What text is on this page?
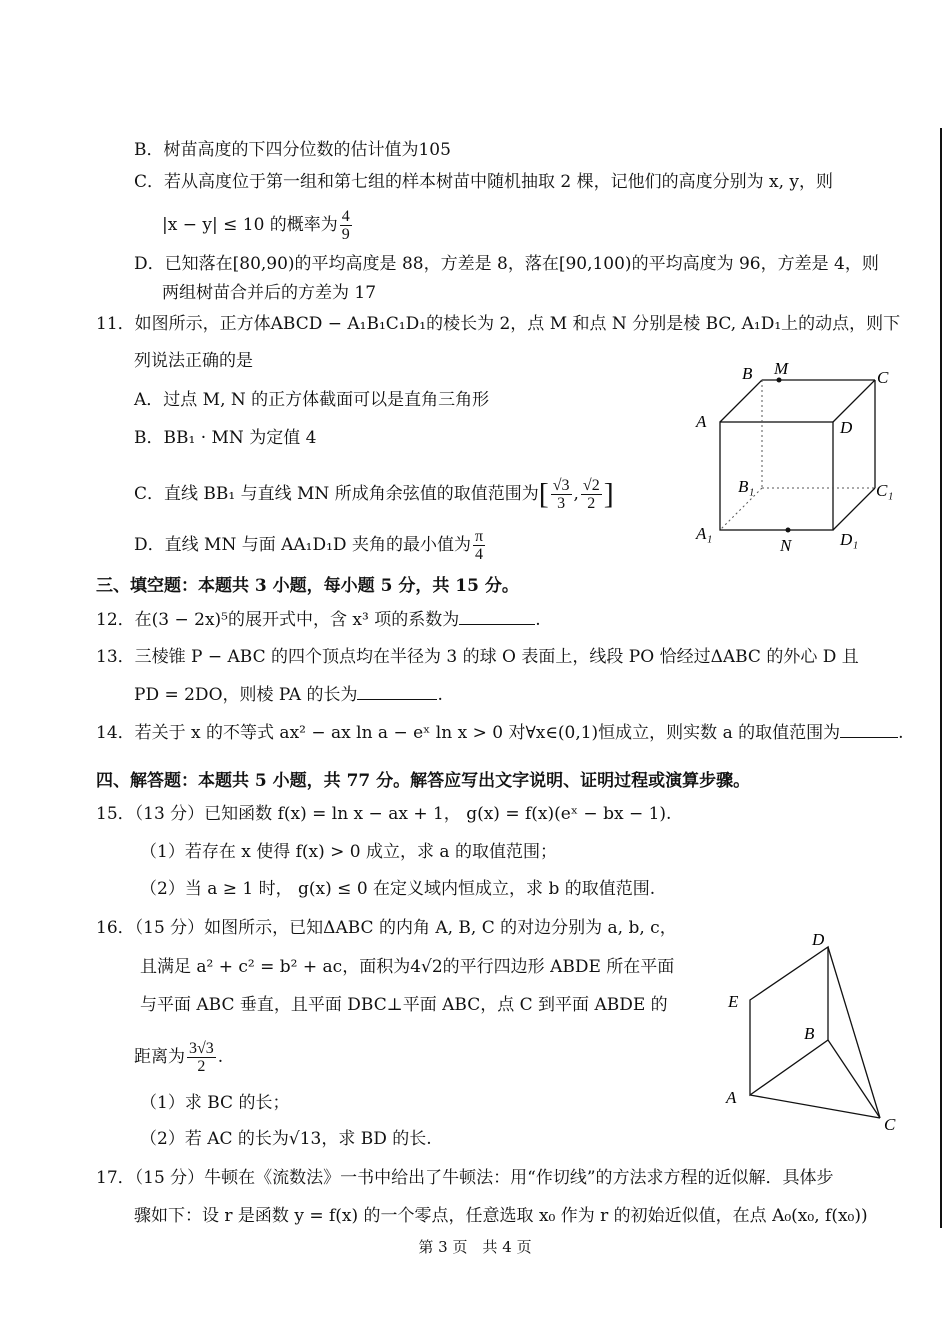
B．树苗高度的下四分位数的估计值为105
C．若从高度位于第一组和第七组的样本树苗中随机抽取 2 棵，记他们的高度分别为 x, y，则
|x − y| ≤ 10 的概率为 $\frac{4}{9}$
D．已知落在[80,90)的平均高度是 88，方差是 8，落在[90,100)的平均高度为 96，方差是 4，则
两组树苗合并后的方差为 17
11．如图所示，正方体ABCD − A₁B₁C₁D₁的棱长为 2，点 M 和点 N 分别是棱 BC, A₁D₁上的动点，则下
列说法正确的是
A．过点 M, N 的正方体截面可以是直角三角形
B．BB₁ · MN 为定值 4
C．直线 BB₁ 与直线 MN 所成角余弦值的取值范围为[ $\frac{√3}{3}$ , $\frac{√2}{2}$ ]
D．直线 MN 与面 AA₁D₁D 夹角的最小值为 $\frac{\pi}{4}$
B M	C
A	D
B₁	C₁
A₁
N	D₁
三、填空题：本题共 3 小题，每小题 5 分，共 15 分。
12．在(3 − 2x)⁵的展开式中，含 x³ 项的系数为	.
13．三棱锥 P − ABC 的四个顶点均在半径为 3 的球 O 表面上，线段 PO 恰经过ΔABC 的外心 D 且
PD = 2DO，则棱 PA 的长为	.
14．若关于 x 的不等式 ax² − ax ln a − eˣ ln x > 0 对∀x∈(0,1)恒成立，则实数 a 的取值范围为	.
四、解答题：本题共 5 小题，共 77 分。解答应写出文字说明、证明过程或演算步骤。
15．（13 分）已知函数 f(x) = ln x − ax + 1， g(x) = f(x)(eˣ − bx − 1).
（1）若存在 x 使得 f(x) > 0 成立，求 a 的取值范围；
（2）当 a ≥ 1 时， g(x) ≤ 0 在定义域内恒成立，求 b 的取值范围.
16．（15 分）如图所示，已知ΔABC 的内角 A, B, C 的对边分别为 a, b, c，
且满足 a² + c² = b² + ac，面积为4√2的平行四边形 ABDE 所在平面
与平面 ABC 垂直，且平面 DBC⊥平面 ABC，点 C 到平面 ABDE 的
距离为 $\frac{3√3}{2}$ .
（1）求 BC 的长；
（2）若 AC 的长为√13，求 BD 的长.
D
E
B
A
C
17．（15 分）牛顿在《流数法》一书中给出了牛顿法：用“作切线”的方法求方程的近似解．具体步
骤如下：设 r 是函数 y = f(x) 的一个零点，任意选取 x₀ 作为 r 的初始近似值，在点 A₀(x₀, f(x₀))
第 3 页　共 4 页
